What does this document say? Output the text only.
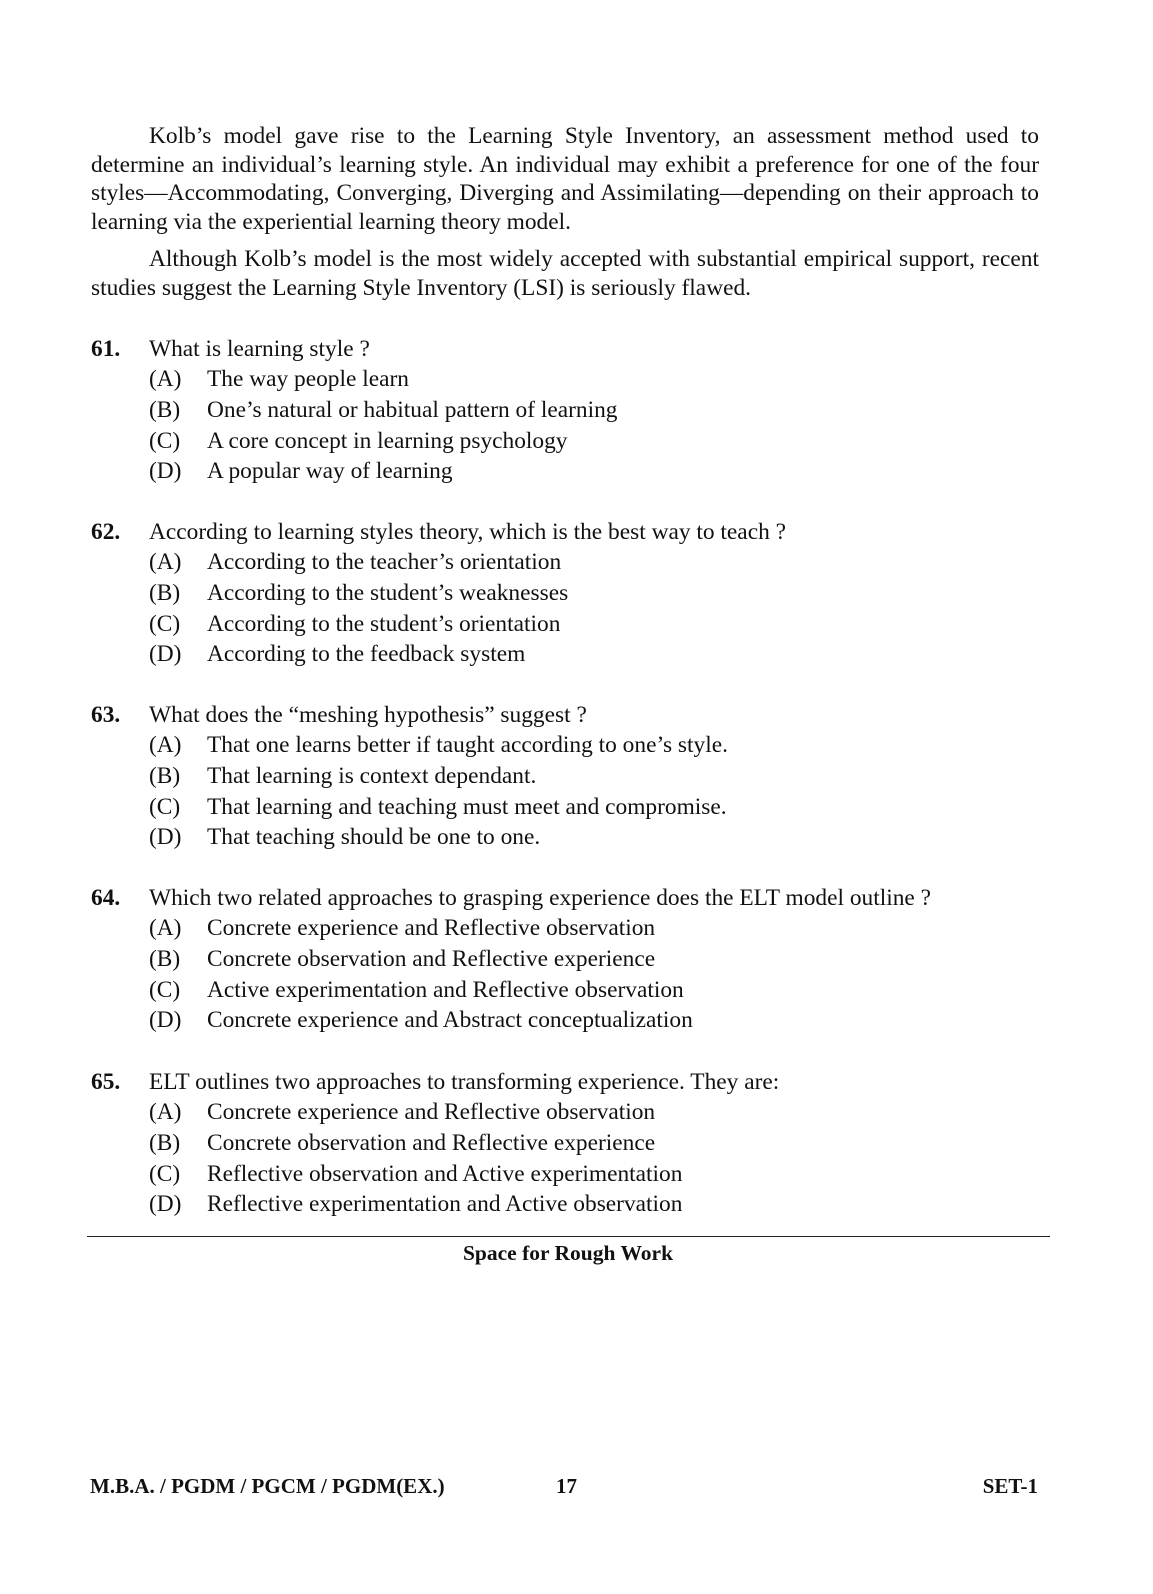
Kolb’s model gave rise to the Learning Style Inventory, an assessment method used to determine an individual’s learning style. An individual may exhibit a preference for one of the four styles—Accommodating, Converging, Diverging and Assimilating—depending on their approach to learning via the experiential learning theory model.

Although Kolb’s model is the most widely accepted with substantial empirical support, recent studies suggest the Learning Style Inventory (LSI) is seriously flawed.

61. What is learning style ?
(A) The way people learn
(B) One’s natural or habitual pattern of learning
(C) A core concept in learning psychology
(D) A popular way of learning
62. According to learning styles theory, which is the best way to teach ?
(A) According to the teacher’s orientation
(B) According to the student’s weaknesses
(C) According to the student’s orientation
(D) According to the feedback system
63. What does the “meshing hypothesis” suggest ?
(A) That one learns better if taught according to one’s style.
(B) That learning is context dependant.
(C) That learning and teaching must meet and compromise.
(D) That teaching should be one to one.
64. Which two related approaches to grasping experience does the ELT model outline ?
(A) Concrete experience and Reflective observation
(B) Concrete observation and Reflective experience
(C) Active experimentation and Reflective observation
(D) Concrete experience and Abstract conceptualization
65. ELT outlines two approaches to transforming experience. They are:
(A) Concrete experience and Reflective observation
(B) Concrete observation and Reflective experience
(C) Reflective observation and Active experimentation
(D) Reflective experimentation and Active observation
Space for Rough Work
M.B.A. / PGDM / PGCM / PGDM(EX.)	17	SET-1
